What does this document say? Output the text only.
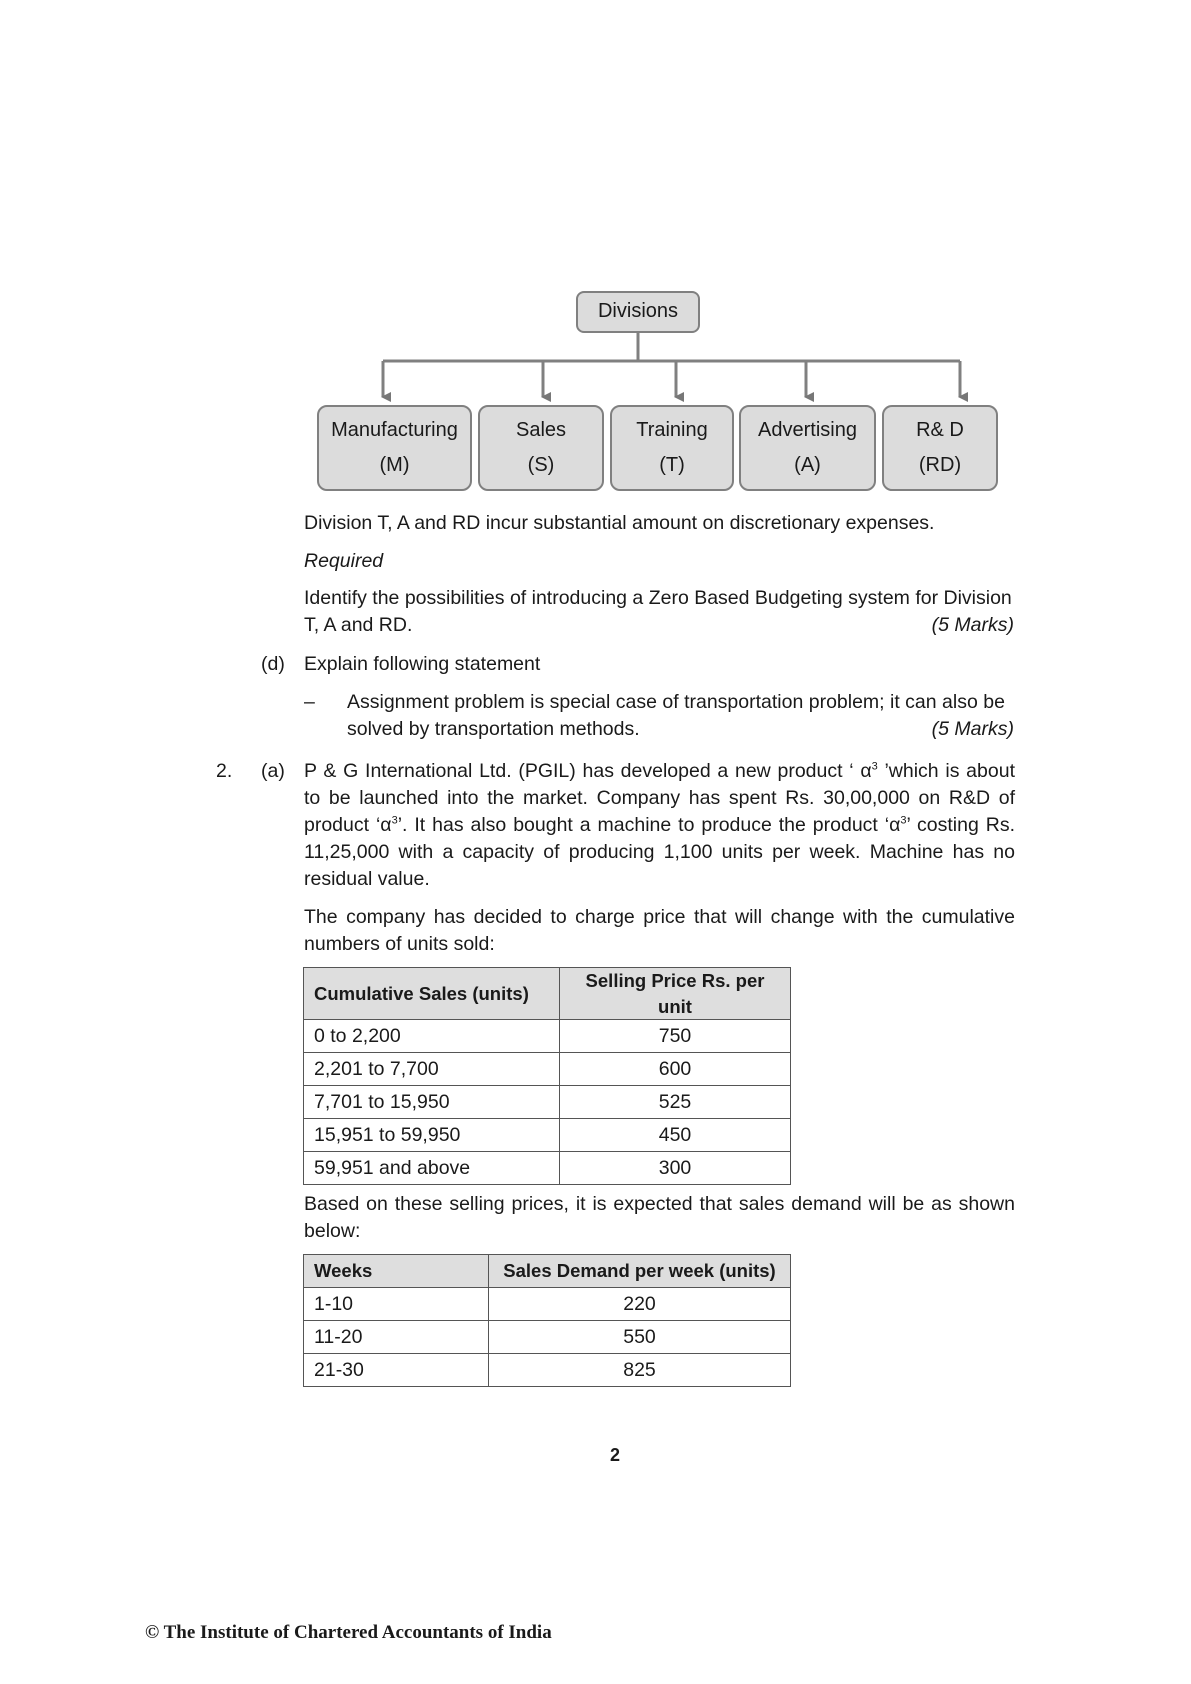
Divisions
Manufacturing
(M)
Sales
(S)
Training
(T)
Advertising
(A)
R& D
(RD)
Division T, A and RD incur substantial amount on discretionary expenses.
Required
Identify the possibilities of introducing a Zero Based Budgeting system for Division
T, A and RD.	(5 Marks)
(d) Explain following statement
– Assignment problem is special case of transportation problem; it can also be
solved by transportation methods.	(5 Marks)
2. (a) P & G International Ltd. (PGIL) has developed a new product ‘ $\alpha^3$ ’which is about to be launched into the market. Company has spent Rs. 30,00,000 on R&D of product ‘$\alpha^3$’. It has also bought a machine to produce the product ‘$\alpha^3$’ costing Rs. 11,25,000 with a capacity of producing 1,100 units per week. Machine has no residual value.
The company has decided to charge price that will change with the cumulative numbers of units sold:
Cumulative Sales (units)	Selling Price Rs. per unit
0 to 2,200	750
2,201 to 7,700	600
7,701 to 15,950	525
15,951 to 59,950	450
59,951 and above	300
Based on these selling prices, it is expected that sales demand will be as shown below:
Weeks	Sales Demand per week (units)
1-10	220
11-20	550
21-30	825
2
© The Institute of Chartered Accountants of India
